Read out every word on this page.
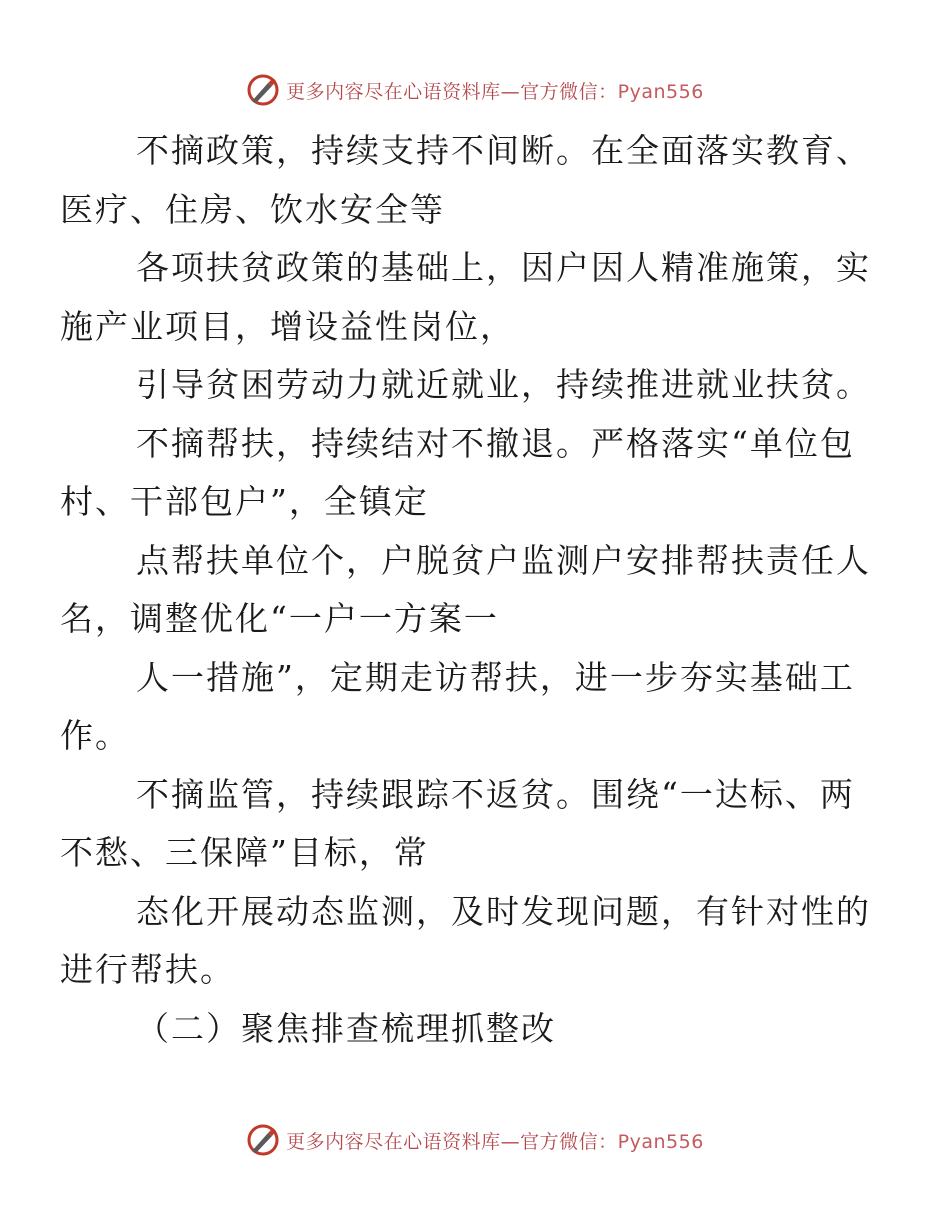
更多内容尽在心语资料库—官方微信：Pyan556

不摘政策，持续支持不间断。在全面落实教育、
医疗、住房、饮水安全等

各项扶贫政策的基础上，因户因人精准施策，实
施产业项目，增设益性岗位，

引导贫困劳动力就近就业，持续推进就业扶贫。

不摘帮扶，持续结对不撤退。严格落实“单位包
村、干部包户”，全镇定

点帮扶单位个，户脱贫户监测户安排帮扶责任人
名，调整优化“一户一方案一

人一措施”，定期走访帮扶，进一步夯实基础工
作。

不摘监管，持续跟踪不返贫。围绕“一达标、两
不愁、三保障”目标，常

态化开展动态监测，及时发现问题，有针对性的
进行帮扶。

（二）聚焦排查梳理抓整改

更多内容尽在心语资料库—官方微信：Pyan556
